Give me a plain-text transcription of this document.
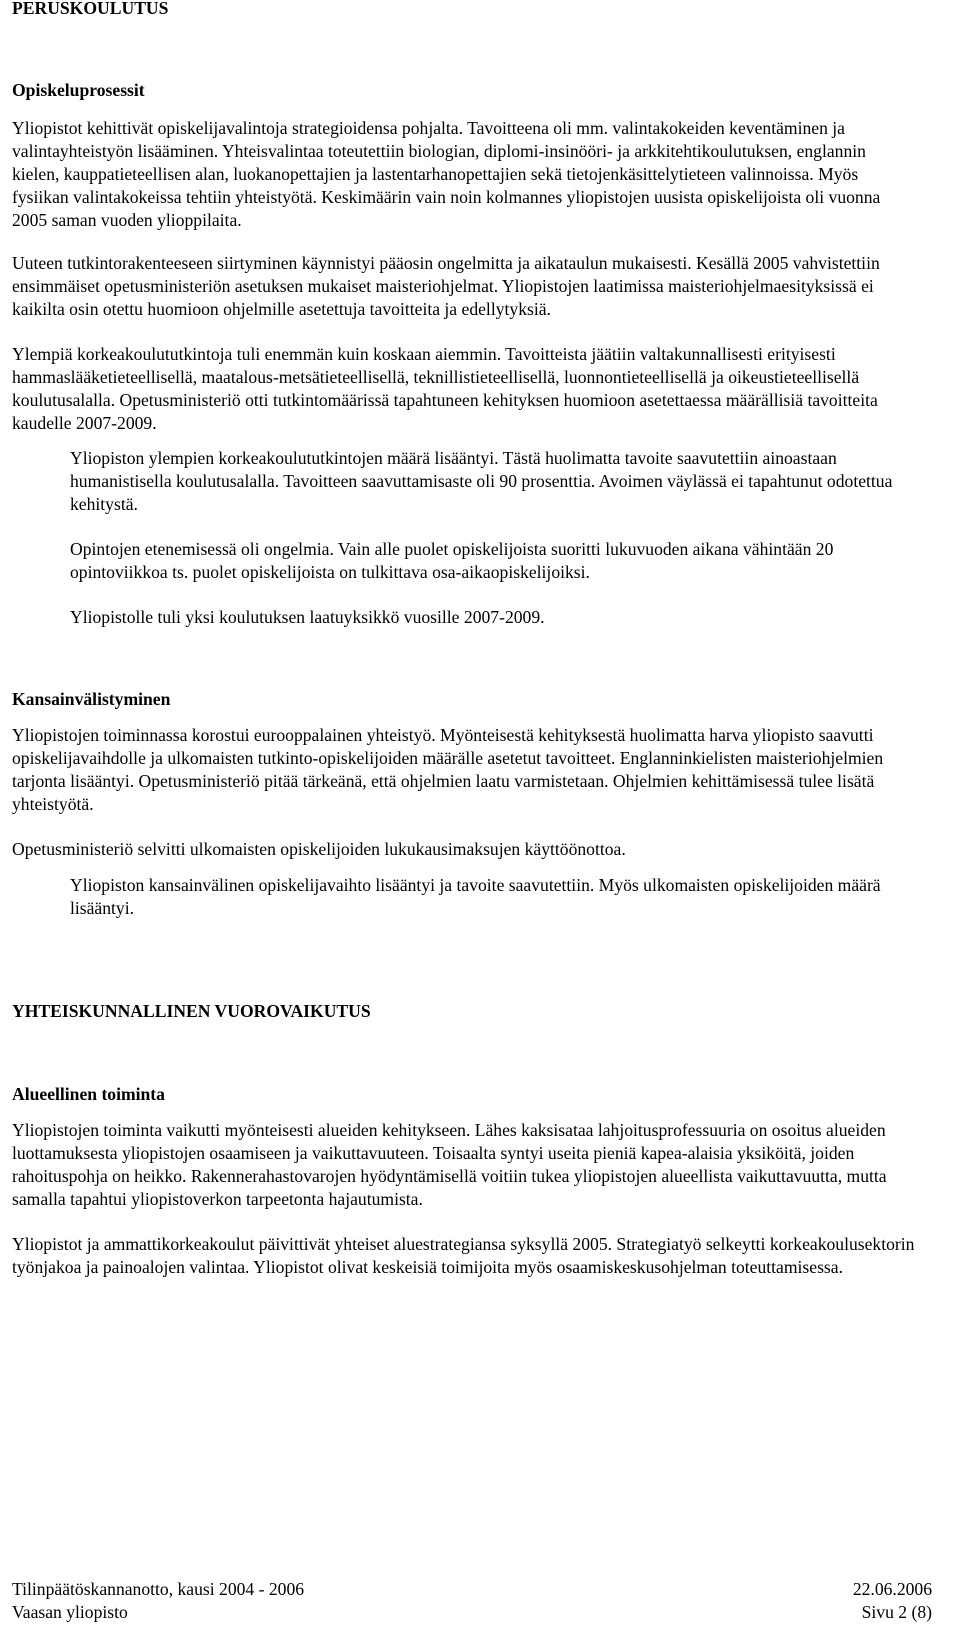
PERUSKOULUTUS
Opiskeluprosessit

Yliopistot kehittivät opiskelijavalintoja strategioidensa pohjalta. Tavoitteena oli mm. valintakokeiden keventäminen ja valintayhteistyön lisääminen. Yhteisvalintaa toteutettiin biologian, diplomi-insinööri- ja arkkitehtikoulutuksen, englannin kielen, kauppatieteellisen alan, luokanopettajien ja lastentarhanopettajien sekä tietojenkäsittelytieteen valinnoissa. Myös fysiikan valintakokeissa tehtiin yhteistyötä. Keskimäärin vain noin kolmannes yliopistojen uusista opiskelijoista oli vuonna 2005 saman vuoden ylioppilaita.

Uuteen tutkintorakenteeseen siirtyminen käynnistyi pääosin ongelmitta ja aikataulun mukaisesti. Kesällä 2005 vahvistettiin ensimmäiset opetusministeriön asetuksen mukaiset maisteriohjelmat. Yliopistojen laatimissa maisteriohjelmaesityksissä ei kaikilta osin otettu huomioon ohjelmille asetettuja tavoitteita ja edellytyksiä.

Ylempiä korkeakoulututkintoja tuli enemmän kuin koskaan aiemmin. Tavoitteista jäätiin valtakunnallisesti erityisesti hammaslääketieteellisellä, maatalous-metsätieteellisellä, teknillistieteellisellä, luonnontieteellisellä ja oikeustieteellisellä koulutusalalla. Opetusministeriö otti tutkintomäärissä tapahtuneen kehityksen huomioon asetettaessa määrällisiä tavoitteita kaudelle 2007-2009.

Yliopiston ylempien korkeakoulututkintojen määrä lisääntyi. Tästä huolimatta tavoite saavutettiin ainoastaan humanistisella koulutusalalla. Tavoitteen saavuttamisaste oli 90 prosenttia. Avoimen väylässä ei tapahtunut odotettua kehitystä.

Opintojen etenemisessä oli ongelmia. Vain alle puolet opiskelijoista suoritti lukuvuoden aikana vähintään 20 opintoviikkoa ts. puolet opiskelijoista on tulkittava osa-aikaopiskelijoiksi.

Yliopistolle tuli yksi koulutuksen laatuyksikkö vuosille 2007-2009.

Kansainvälistyminen

Yliopistojen toiminnassa korostui eurooppalainen yhteistyö. Myönteisestä kehityksestä huolimatta harva yliopisto saavutti opiskelijavaihdolle ja ulkomaisten tutkinto-opiskelijoiden määrälle asetetut tavoitteet. Englanninkielisten maisteriohjelmien tarjonta lisääntyi. Opetusministeriö pitää tärkeänä, että ohjelmien laatu varmistetaan. Ohjelmien kehittämisessä tulee lisätä yhteistyötä.

Opetusministeriö selvitti ulkomaisten opiskelijoiden lukukausimaksujen käyttöönottoa.

Yliopiston kansainvälinen opiskelijavaihto lisääntyi ja tavoite saavutettiin. Myös ulkomaisten opiskelijoiden määrä lisääntyi.

YHTEISKUNNALLINEN VUOROVAIKUTUS
Alueellinen toiminta

Yliopistojen toiminta vaikutti myönteisesti alueiden kehitykseen. Lähes kaksisataa lahjoitusprofessuuria on osoitus alueiden luottamuksesta yliopistojen osaamiseen ja vaikuttavuuteen. Toisaalta syntyi useita pieniä kapea-alaisia yksiköitä, joiden rahoituspohja on heikko. Rakennerahastovarojen hyödyntämisellä voitiin tukea yliopistojen alueellista vaikuttavuutta, mutta samalla tapahtui yliopistoverkon tarpeetonta hajautumista.

Yliopistot ja ammattikorkeakoulut päivittivät yhteiset aluestrategiansa syksyllä 2005. Strategiatyö selkeytti korkeakoulusektorin työnjakoa ja painoalojen valintaa. Yliopistot olivat keskeisiä toimijoita myös osaamiskeskusohjelman toteuttamisessa.

Tilinpäätöskannanotto, kausi 2004 - 2006	22.06.2006
Vaasan yliopisto	Sivu 2 (8)
